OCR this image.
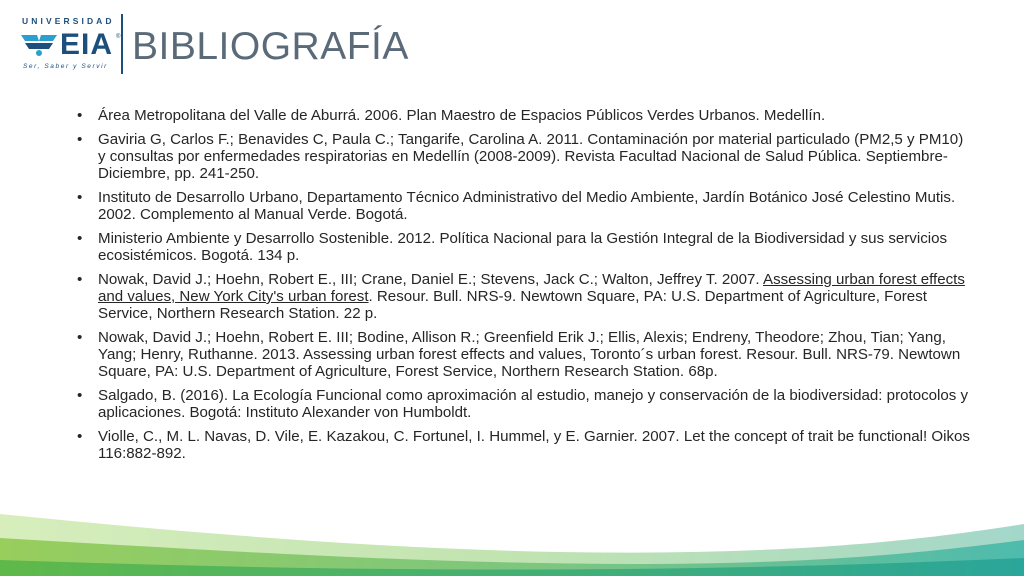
UNIVERSIDAD
EIA ®
Ser, Saber y Servir BIBLIOGRAFÍA
• Área Metropolitana del Valle de Aburrá. 2006. Plan Maestro de Espacios Públicos Verdes Urbanos. Medellín.
• Gaviria G, Carlos F.; Benavides C, Paula C.; Tangarife, Carolina A. 2011. Contaminación por material particulado (PM2,5 y PM10) y consultas por enfermedades respiratorias en Medellín (2008-2009). Revista Facultad Nacional de Salud Pública. Septiembre-Diciembre, pp. 241-250.
• Instituto de Desarrollo Urbano, Departamento Técnico Administrativo del Medio Ambiente, Jardín Botánico José Celestino Mutis. 2002. Complemento al Manual Verde. Bogotá.
• Ministerio Ambiente y Desarrollo Sostenible. 2012. Política Nacional para la Gestión Integral de la Biodiversidad y sus servicios ecosistémicos. Bogotá. 134 p.
• Nowak, David J.; Hoehn, Robert E., III; Crane, Daniel E.; Stevens, Jack C.; Walton, Jeffrey T. 2007. Assessing urban forest effects and values, New York City's urban forest. Resour. Bull. NRS-9. Newtown Square, PA: U.S. Department of Agriculture, Forest Service, Northern Research Station. 22 p.
• Nowak, David J.; Hoehn, Robert E. III; Bodine, Allison R.; Greenfield Erik J.; Ellis, Alexis; Endreny, Theodore; Zhou, Tian; Yang, Yang; Henry, Ruthanne. 2013. Assessing urban forest effects and values, Toronto´s urban forest. Resour. Bull. NRS-79. Newtown Square, PA: U.S. Department of Agriculture, Forest Service, Northern Research Station. 68p.
• Salgado, B. (2016). La Ecología Funcional como aproximación al estudio, manejo y conservación de la biodiversidad: protocolos y aplicaciones. Bogotá: Instituto Alexander von Humboldt.
• Violle, C., M. L. Navas, D. Vile, E. Kazakou, C. Fortunel, I. Hummel, y E. Garnier. 2007. Let the concept of trait be functional! Oikos 116:882-892.
